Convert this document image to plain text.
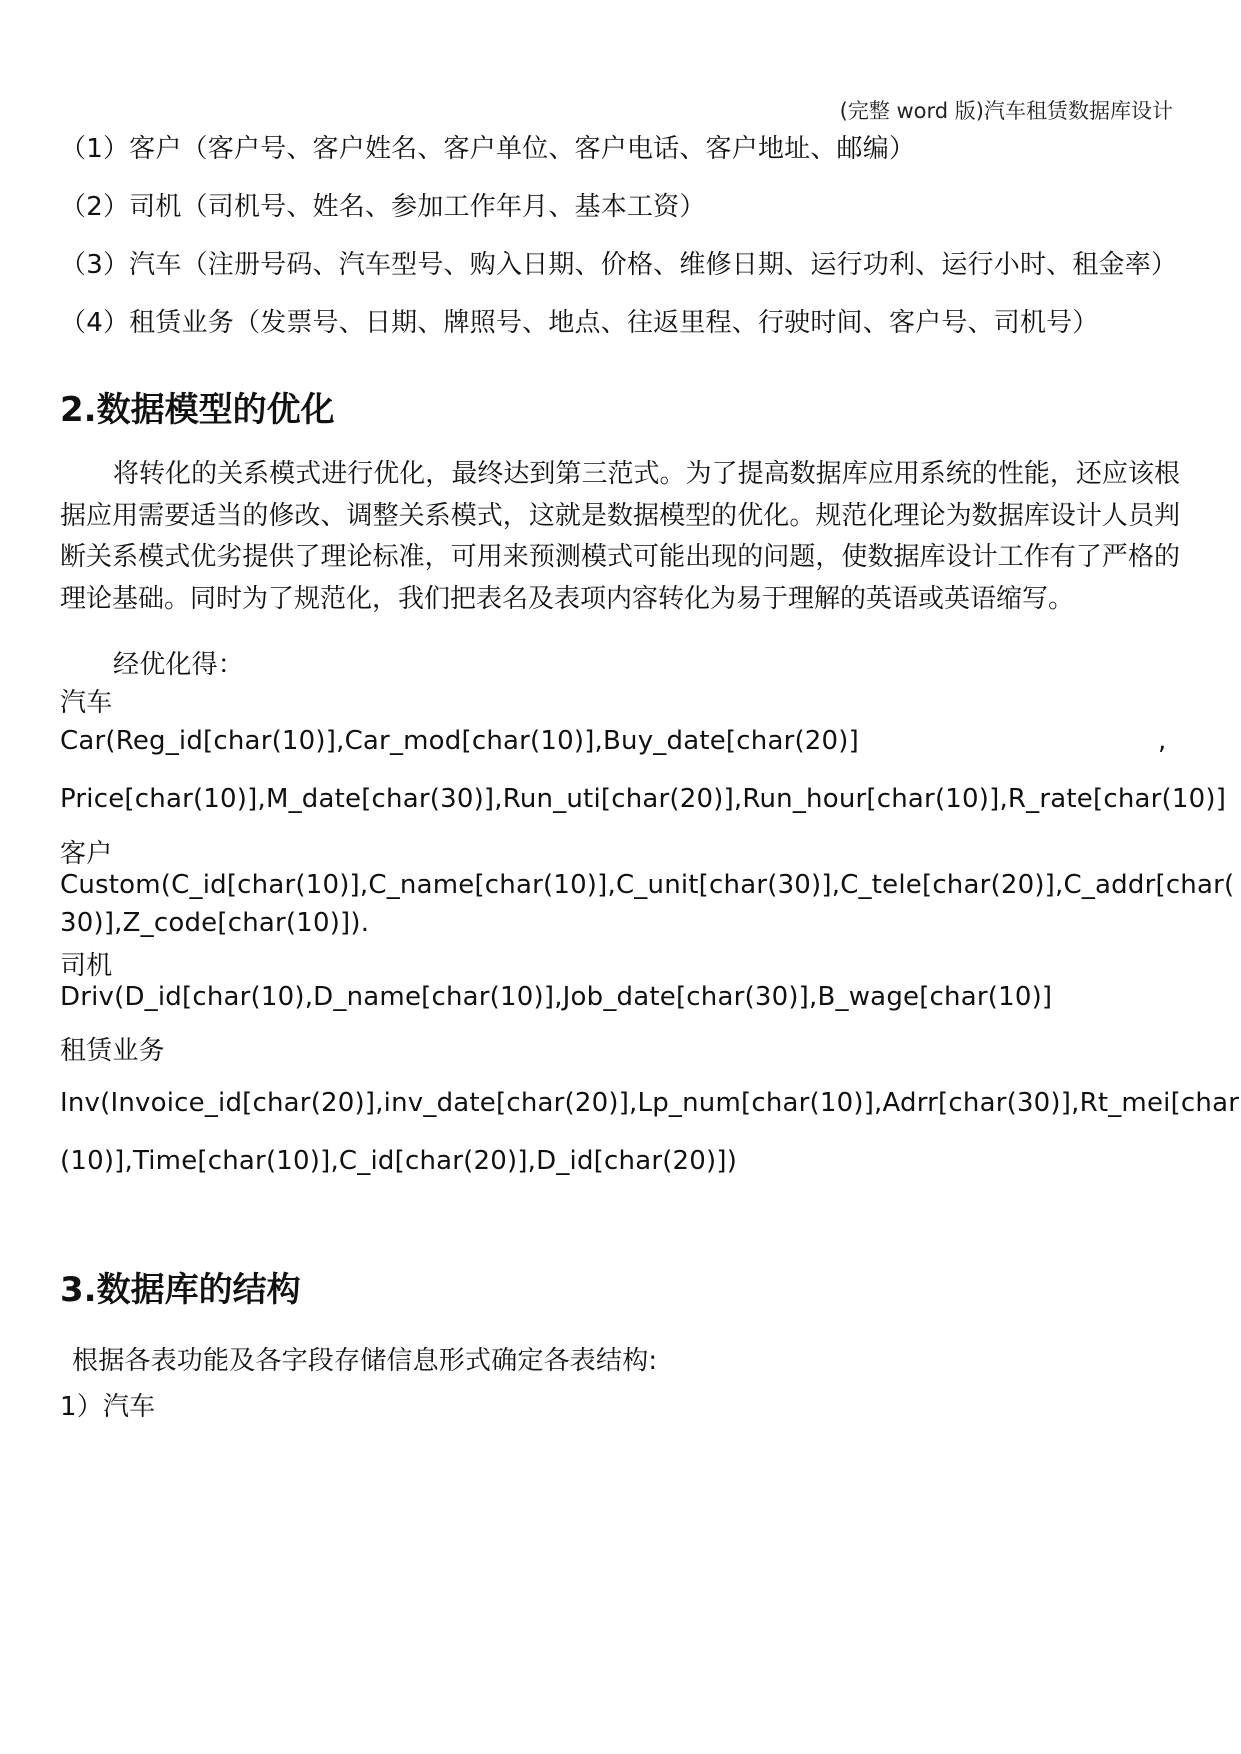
(完整 word 版)汽车租赁数据库设计
（1）客户（客户号、客户姓名、客户单位、客户电话、客户地址、邮编）
（2）司机（司机号、姓名、参加工作年月、基本工资）
（3）汽车（注册号码、汽车型号、购入日期、价格、维修日期、运行功利、运行小时、租金率）
（4）租赁业务（发票号、日期、牌照号、地点、往返里程、行驶时间、客户号、司机号）
2.数据模型的优化

将转化的关系模式进行优化，最终达到第三范式。为了提高数据库应用系统的性能，还应该根据应用需要适当的修改、调整关系模式，这就是数据模型的优化。规范化理论为数据库设计人员判断关系模式优劣提供了理论标准，可用来预测模式可能出现的问题，使数据库设计工作有了严格的理论基础。同时为了规范化，我们把表名及表项内容转化为易于理解的英语或英语缩写。

经优化得：
汽车
Car(Reg_id[char(10)],Car_mod[char(10)],Buy_date[char(20)]	,
Price[char(10)],M_date[char(30)],Run_uti[char(20)],Run_hour[char(10)],R_rate[char(10)]
客户
Custom(C_id[char(10)],C_name[char(10)],C_unit[char(30)],C_tele[char(20)],C_addr[char(
30)],Z_code[char(10)]).
司机
Driv(D_id[char(10),D_name[char(10)],Job_date[char(30)],B_wage[char(10)]
租赁业务
Inv(Invoice_id[char(20)],inv_date[char(20)],Lp_num[char(10)],Adrr[char(30)],Rt_mei[char
(10)],Time[char(10)],C_id[char(20)],D_id[char(20)])
3.数据库的结构
根据各表功能及各字段存储信息形式确定各表结构:
1）汽车
